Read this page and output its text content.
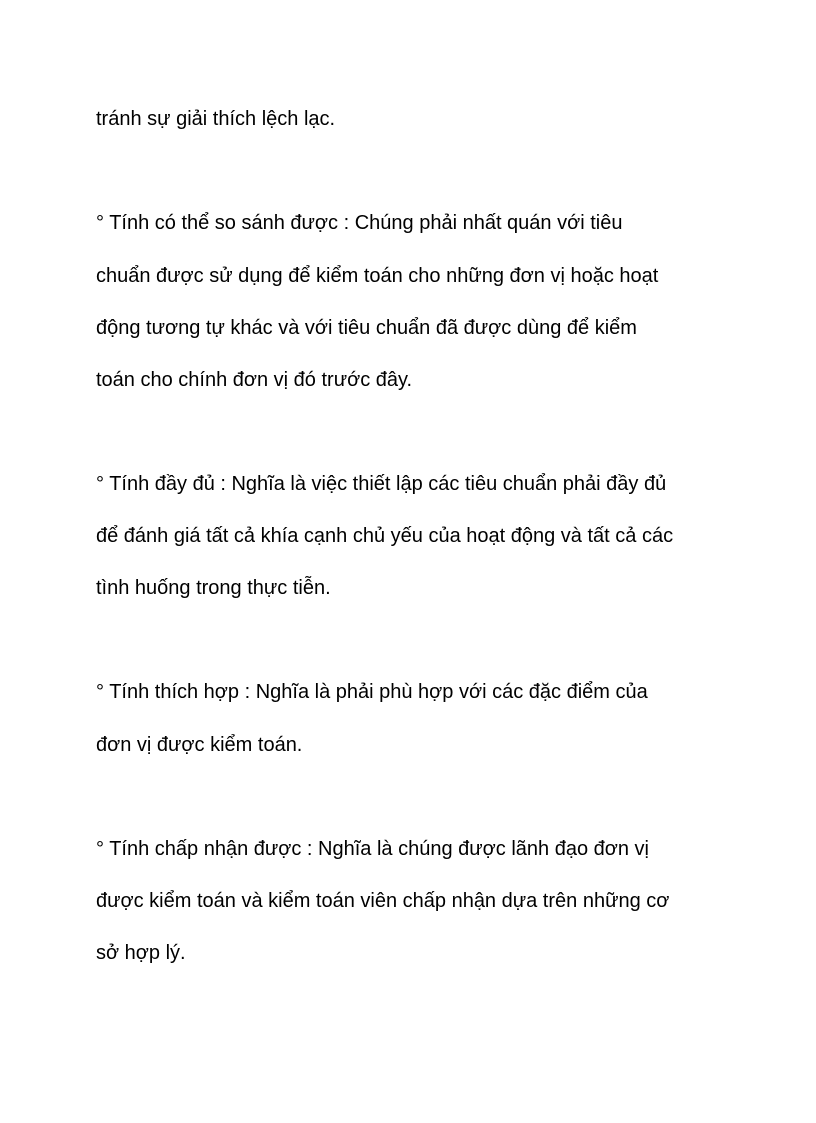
tránh sự giải thích lệch lạc.

° Tính có thể so sánh được : Chúng phải nhất quán với tiêu

chuẩn được sử dụng để kiểm toán cho những đơn vị hoặc hoạt

động tương tự khác và với tiêu chuẩn đã được dùng để kiểm

toán cho chính đơn vị đó trước đây.

° Tính đầy đủ : Nghĩa là việc thiết lập các tiêu chuẩn phải đầy đủ

để đánh giá tất cả khía cạnh chủ yếu của hoạt động và tất cả các

tình huống trong thực tiễn.

° Tính thích hợp : Nghĩa là phải phù hợp với các đặc điểm của

đơn vị được kiểm toán.

° Tính chấp nhận được : Nghĩa là chúng được lãnh đạo đơn vị

được kiểm toán và kiểm toán viên chấp nhận dựa trên những cơ

sở hợp lý.
